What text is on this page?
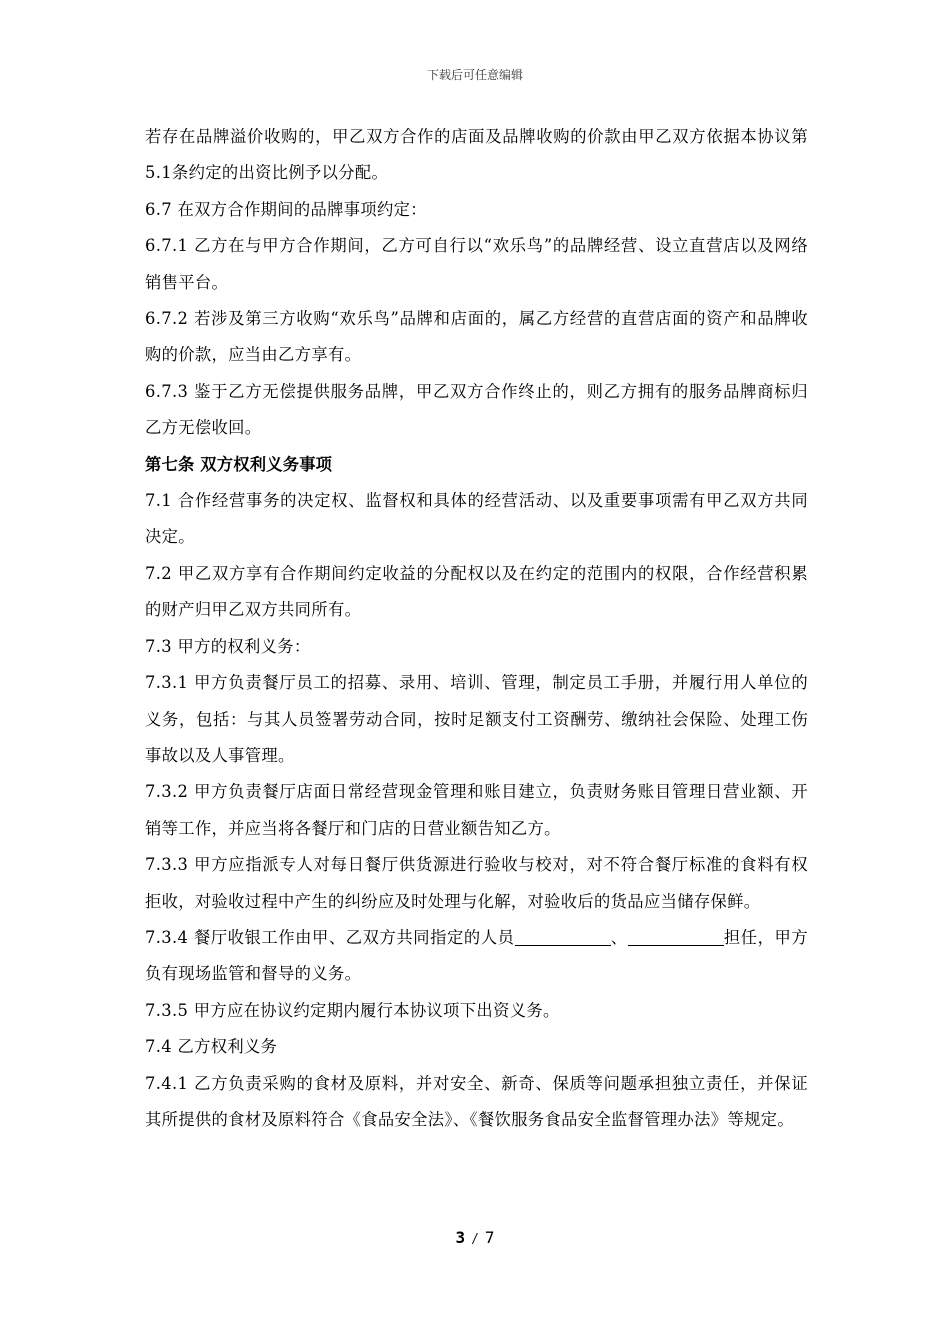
下载后可任意编辑

若存在品牌溢价收购的，甲乙双方合作的店面及品牌收购的价款由甲乙双方依据本协议第5.1条约定的出资比例予以分配。

6.7 在双方合作期间的品牌事项约定：

6.7.1 乙方在与甲方合作期间，乙方可自行以“欢乐鸟”的品牌经营、设立直营店以及网络销售平台。

6.7.2 若涉及第三方收购“欢乐鸟”品牌和店面的，属乙方经营的直营店面的资产和品牌收购的价款，应当由乙方享有。

6.7.3 鉴于乙方无偿提供服务品牌，甲乙双方合作终止的，则乙方拥有的服务品牌商标归乙方无偿收回。

第七条 双方权利义务事项

7.1 合作经营事务的决定权、监督权和具体的经营活动、以及重要事项需有甲乙双方共同决定。

7.2 甲乙双方享有合作期间约定收益的分配权以及在约定的范围内的权限，合作经营积累的财产归甲乙双方共同所有。

7.3 甲方的权利义务：

7.3.1 甲方负责餐厅员工的招募、录用、培训、管理，制定员工手册，并履行用人单位的义务，包括：与其人员签署劳动合同，按时足额支付工资酬劳、缴纳社会保险、处理工伤事故以及人事管理。

7.3.2 甲方负责餐厅店面日常经营现金管理和账目建立，负责财务账目管理日营业额、开销等工作，并应当将各餐厅和门店的日营业额告知乙方。

7.3.3 甲方应指派专人对每日餐厅供货源进行验收与校对，对不符合餐厅标准的食料有权拒收，对验收过程中产生的纠纷应及时处理与化解，对验收后的货品应当储存保鲜。

7.3.4 餐厅收银工作由甲、乙双方共同指定的人员	、	担任，甲方负有现场监管和督导的义务。

7.3.5 甲方应在协议约定期内履行本协议项下出资义务。

7.4 乙方权利义务

7.4.1 乙方负责采购的食材及原料，并对安全、新奇、保质等问题承担独立责任，并保证其所提供的食材及原料符合《食品安全法》、《餐饮服务食品安全监督管理办法》等规定。

3 / 7
